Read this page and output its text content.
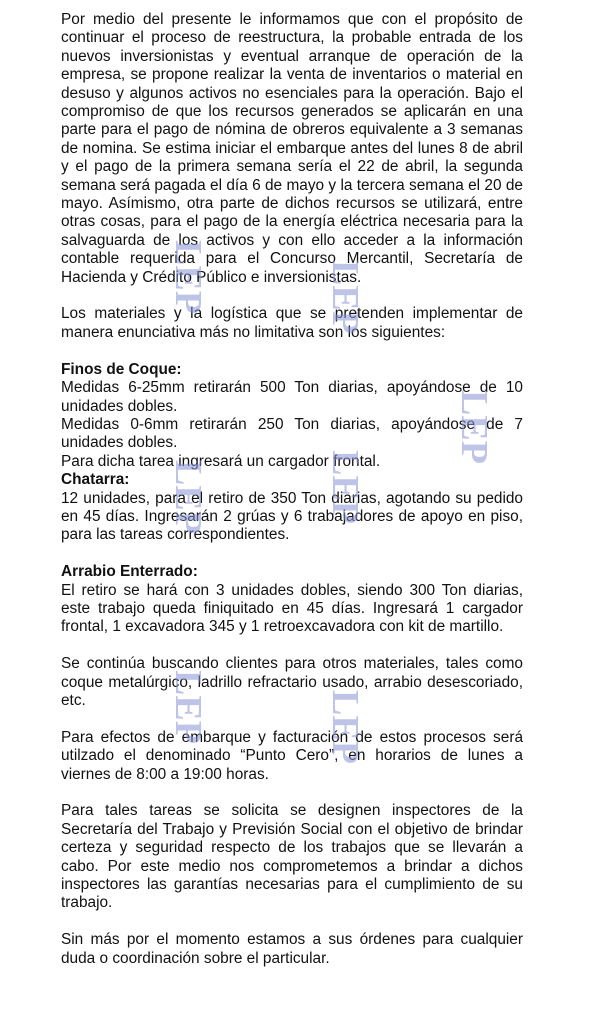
Por medio del presente le informamos que con el propósito de continuar el proceso de reestructura, la probable entrada de los nuevos inversionistas y eventual arranque de operación de la empresa, se propone realizar la venta de inventarios o material en desuso y algunos activos no esenciales para la operación. Bajo el compromiso de que los recursos generados se aplicarán en una parte para el pago de nómina de obreros equivalente a 3 semanas de nomina. Se estima iniciar el embarque antes del lunes 8 de abril y el pago de la primera semana sería el 22 de abril, la segunda semana será pagada el día 6 de mayo y la tercera semana el 20 de mayo. Asímismo, otra parte de dichos recursos se utilizará, entre otras cosas, para el pago de la energía eléctrica necesaria para la salvaguarda de los activos y con ello acceder a la información contable requerida para el Concurso Mercantil, Secretaría de Hacienda y Crédito Público e inversionistas.

Los materiales y la logística que se pretenden implementar de manera enunciativa más no limitativa son los siguientes:

Finos de Coque:

Medidas 6-25mm retirarán 500 Ton diarias, apoyándose de 10 unidades dobles.

Medidas 0-6mm retirarán 250 Ton diarias, apoyándose de 7 unidades dobles.

Para dicha tarea ingresará un cargador frontal.

Chatarra:

12 unidades, para el retiro de 350 Ton diarias, agotando su pedido en 45 días. Ingresarán 2 grúas y 6 trabajadores de apoyo en piso, para las tareas correspondientes.

Arrabio Enterrado:

El retiro se hará con 3 unidades dobles, siendo 300 Ton diarias, este trabajo queda finiquitado en 45 días. Ingresará 1 cargador frontal, 1 excavadora 345 y 1 retroexcavadora con kit de martillo.

Se continúa buscando clientes para otros materiales, tales como coque metalúrgico, ladrillo refractario usado, arrabio desescoriado, etc.

Para efectos de embarque y facturación de estos procesos será utilzado el denominado “Punto Cero”, en horarios de lunes a viernes de 8:00 a 19:00 horas.

Para tales tareas se solicita se designen inspectores de la Secretaría del Trabajo y Previsión Social con el objetivo de brindar certeza y seguridad respecto de los trabajos que se llevarán a cabo. Por este medio nos comprometemos a brindar a dichos inspectores las garantías necesarias para el cumplimiento de su trabajo.

Sin más por el momento estamos a sus órdenes para cualquier duda o coordinación sobre el particular.

LEP	LEP
LEP
LEP	LEP
LEP	LEP
